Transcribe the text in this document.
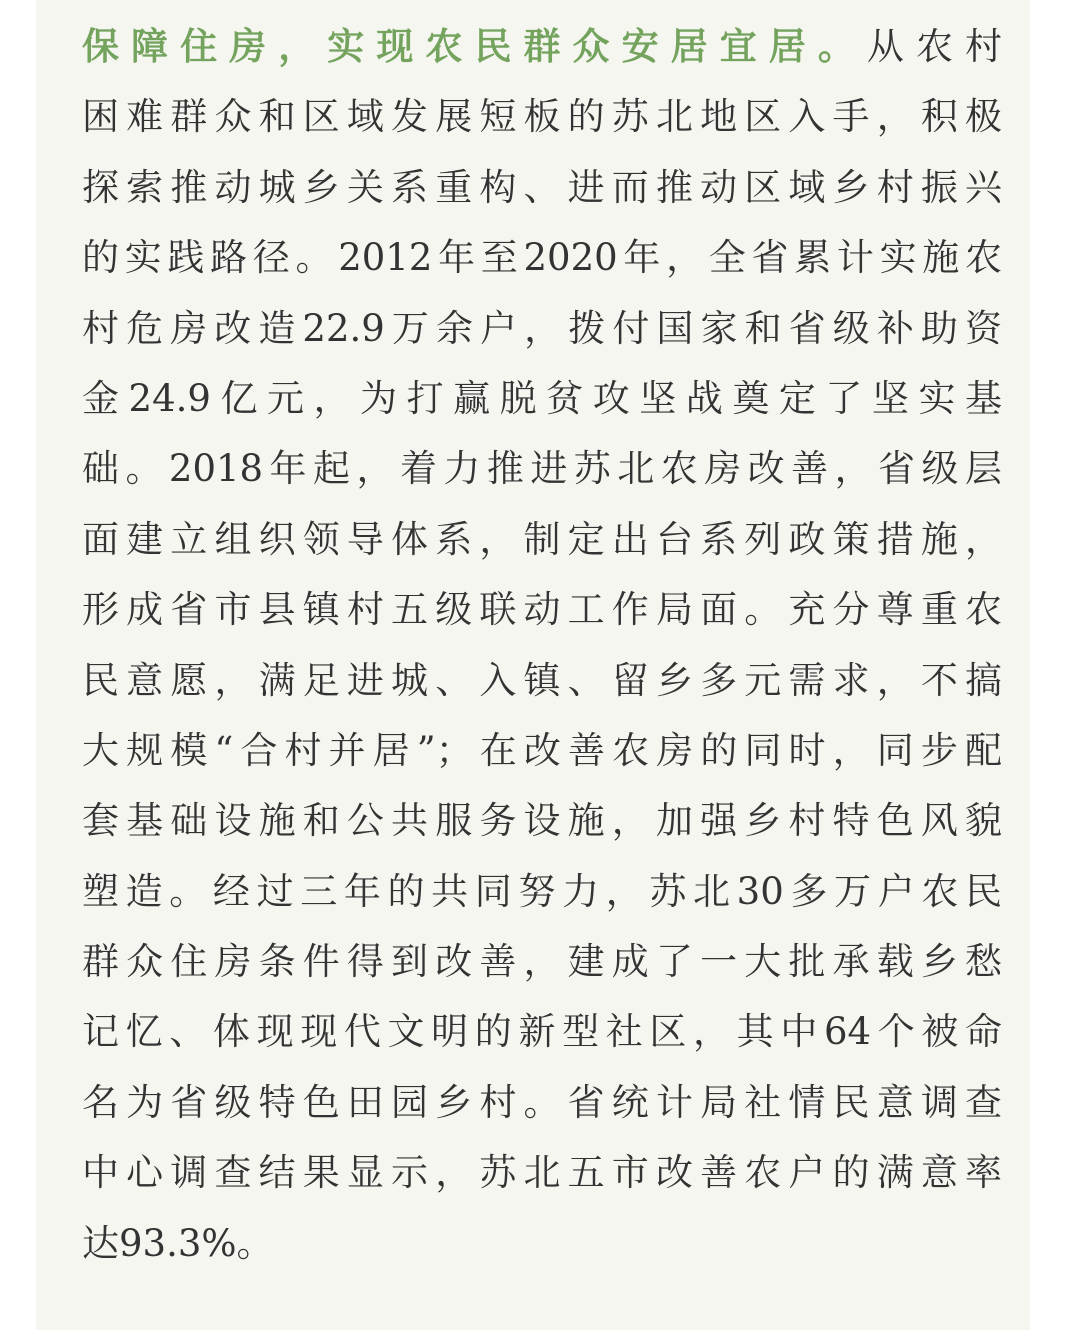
保障住房，实现农民群众安居宜居。从农村
困难群众和区域发展短板的苏北地区入手，积极
探索推动城乡关系重构、进而推动区域乡村振兴
的实践路径。2012年至2020年，全省累计实施农
村危房改造22.9万余户，拨付国家和省级补助资
金24.9亿元，为打赢脱贫攻坚战奠定了坚实基
础。2018年起，着力推进苏北农房改善，省级层
面建立组织领导体系，制定出台系列政策措施，
形成省市县镇村五级联动工作局面。充分尊重农
民意愿，满足进城、入镇、留乡多元需求，不搞
大规模“合村并居”；在改善农房的同时，同步配
套基础设施和公共服务设施，加强乡村特色风貌
塑造。经过三年的共同努力，苏北30多万户农民
群众住房条件得到改善，建成了一大批承载乡愁
记忆、体现现代文明的新型社区，其中64个被命
名为省级特色田园乡村。省统计局社情民意调查
中心调查结果显示，苏北五市改善农户的满意率
达93.3%。
